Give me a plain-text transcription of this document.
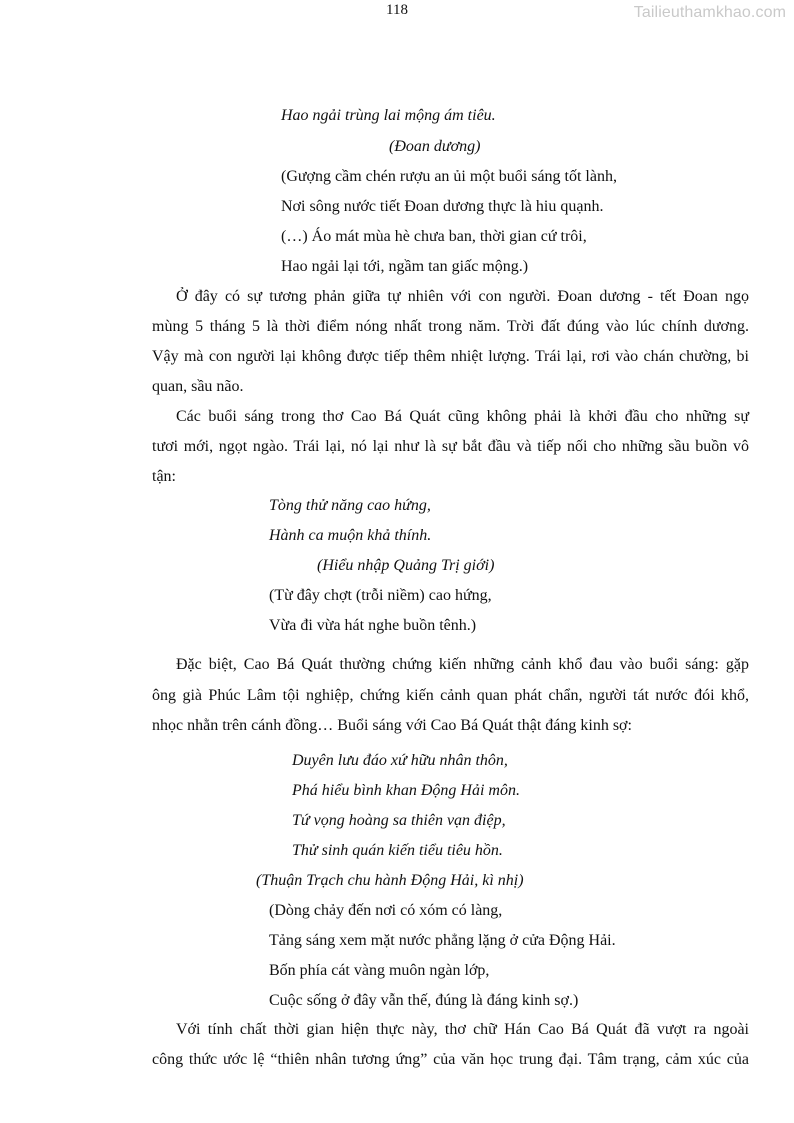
118	Tailieuthamkhao.com
Hao ngải trùng lai mộng ám tiêu.
(Đoan dương)
(Gượng cầm chén rượu an ủi một buổi sáng tốt lành,
Nơi sông nước tiết Đoan dương thực là hiu quạnh.
(…) Áo mát mùa hè chưa ban, thời gian cứ trôi,
Hao ngải lại tới, ngầm tan giấc mộng.)
Ở đây có sự tương phản giữa tự nhiên với con người. Đoan dương - tết Đoan ngọ
mùng 5 tháng 5 là thời điểm nóng nhất trong năm. Trời đất đúng vào lúc chính dương.
Vậy mà con người lại không được tiếp thêm nhiệt lượng. Trái lại, rơi vào chán chường, bi
quan, sầu não.
Các buổi sáng trong thơ Cao Bá Quát cũng không phải là khởi đầu cho những sự
tươi mới, ngọt ngào. Trái lại, nó lại như là sự bắt đầu và tiếp nối cho những sầu buồn vô
tận:
Tòng thử năng cao hứng,
Hành ca muộn khả thính.
(Hiểu nhập Quảng Trị giới)
(Từ đây chợt (trỗi niềm) cao hứng,
Vừa đi vừa hát nghe buồn tênh.)
Đặc biệt, Cao Bá Quát thường chứng kiến những cảnh khổ đau vào buổi sáng: gặp
ông già Phúc Lâm tội nghiệp, chứng kiến cảnh quan phát chẩn, người tát nước đói khổ,
nhọc nhằn trên cánh đồng… Buổi sáng với Cao Bá Quát thật đáng kinh sợ:
Duyên lưu đáo xứ hữu nhân thôn,
Phá hiểu bình khan Động Hải môn.
Tứ vọng hoàng sa thiên vạn điệp,
Thử sinh quán kiến tiểu tiêu hồn.
(Thuận Trạch chu hành Động Hải, kì nhị)
(Dòng chảy đến nơi có xóm có làng,
Tảng sáng xem mặt nước phẳng lặng ở cửa Động Hải.
Bốn phía cát vàng muôn ngàn lớp,
Cuộc sống ở đây vẫn thế, đúng là đáng kinh sợ.)
Với tính chất thời gian hiện thực này, thơ chữ Hán Cao Bá Quát đã vượt ra ngoài
công thức ước lệ “thiên nhân tương ứng” của văn học trung đại. Tâm trạng, cảm xúc của
